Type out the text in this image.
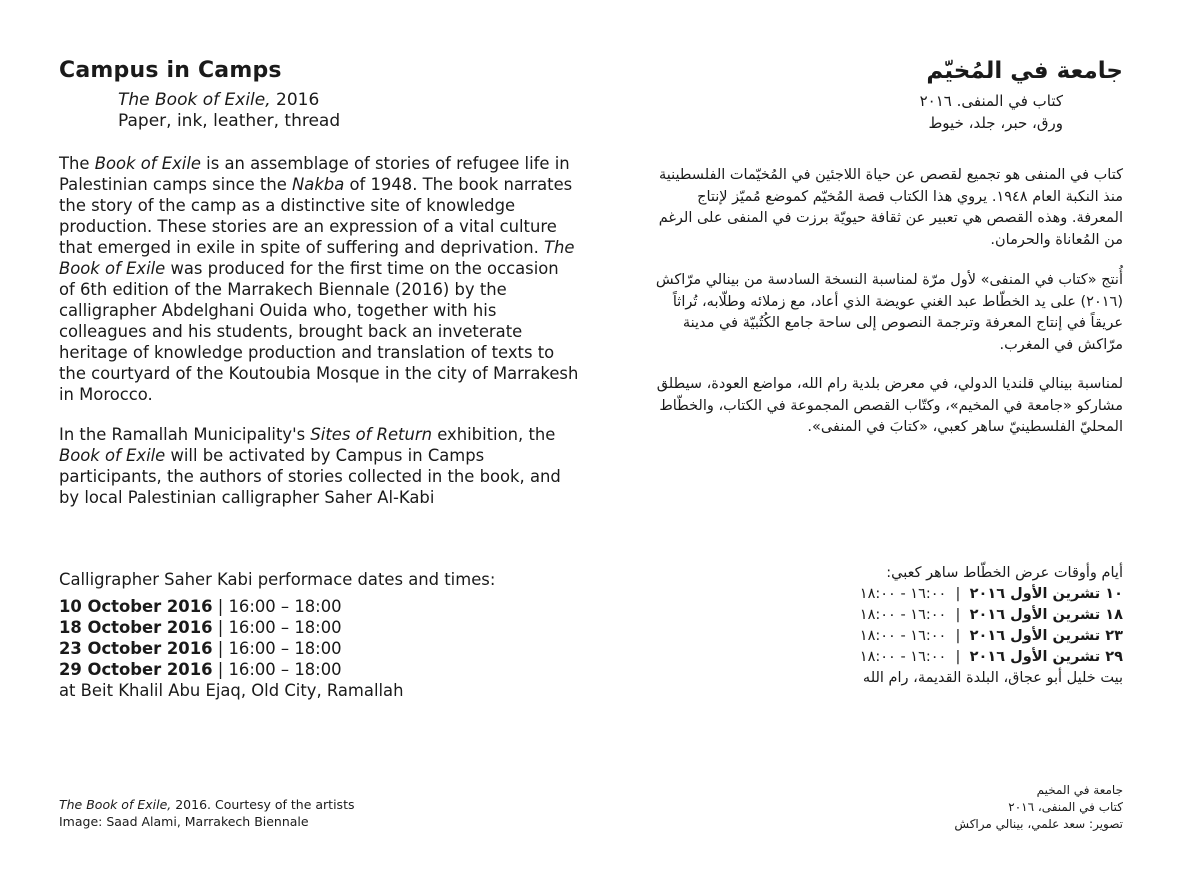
Campus in Camps
The Book of Exile, 2016
Paper, ink, leather, thread
The Book of Exile is an assemblage of stories of refugee life in Palestinian camps since the Nakba of 1948. The book narrates the story of the camp as a distinctive site of knowledge production. These stories are an expression of a vital culture that emerged in exile in spite of suffering and deprivation. The Book of Exile was produced for the first time on the occasion of 6th edition of the Marrakech Biennale (2016) by the calligrapher Abdelghani Ouida who, together with his colleagues and his students, brought back an inveterate heritage of knowledge production and translation of texts to the courtyard of the Koutoubia Mosque in the city of Marrakesh in Morocco.
In the Ramallah Municipality's Sites of Return exhibition, the Book of Exile will be activated by Campus in Camps participants, the authors of stories collected in the book, and by local Palestinian calligrapher Saher Al-Kabi
Calligrapher Saher Kabi performace dates and times:
10 October 2016 | 16:00 – 18:00
18 October 2016 | 16:00 – 18:00
23 October 2016 | 16:00 – 18:00
29 October 2016 | 16:00 – 18:00
at Beit Khalil Abu Ejaq, Old City, Ramallah
The Book of Exile, 2016. Courtesy of the artists
Image: Saad Alami, Marrakech Biennale
جامعة في المُخيّم
كتاب في المنفى. ٢٠١٦
ورق، حبر، جلد، خيوط
كتاب في المنفى هو تجميع لقصص عن حياة اللاجئين في المُخيّمات الفلسطينية منذ النكبة العام ١٩٤٨. يروي هذا الكتاب قصة المُخيّم كموضع مُميّز لإنتاج المعرفة. وهذه القصص هي تعبير عن ثقافة حيويّة برزت في المنفى على الرغم من المُعاناة والحرمان.
أُنتج «كتاب في المنفى» لأول مرّة لمناسبة النسخة السادسة من بينالي مرّاكش (٢٠١٦) على يد الخطّاط عبد الغني عويضة الذي أعاد، مع زملائه وطلّابه، تُراثاً عريقاً في إنتاج المعرفة وترجمة النصوص إلى ساحة جامع الكُتُبيّة في مدينة مرّاكش في المغرب.
لمناسبة بينالي قلنديا الدولي، في معرض بلدية رام الله، مواضع العودة، سيطلق مشاركو «جامعة في المخيم»، وكتّاب القصص المجموعة في الكتاب، والخطّاط المحليّ الفلسطينيّ ساهر كعبي، «كتابَ في المنفى».
أيام وأوقات عرض الخطّاط ساهر كعبي:
١٠ تشرين الأول ٢٠١٦  |  ١٦:٠٠ - ١٨:٠٠
١٨ تشرين الأول ٢٠١٦  |  ١٦:٠٠ - ١٨:٠٠
٢٣ تشرين الأول ٢٠١٦  |  ١٦:٠٠ - ١٨:٠٠
٢٩ تشرين الأول ٢٠١٦  |  ١٦:٠٠ - ١٨:٠٠
بيت خليل أبو عجاق، البلدة القديمة، رام الله
جامعة في المخيم
كتاب في المنفى، ٢٠١٦
تصوير: سعد علمي، بينالي مراكش
